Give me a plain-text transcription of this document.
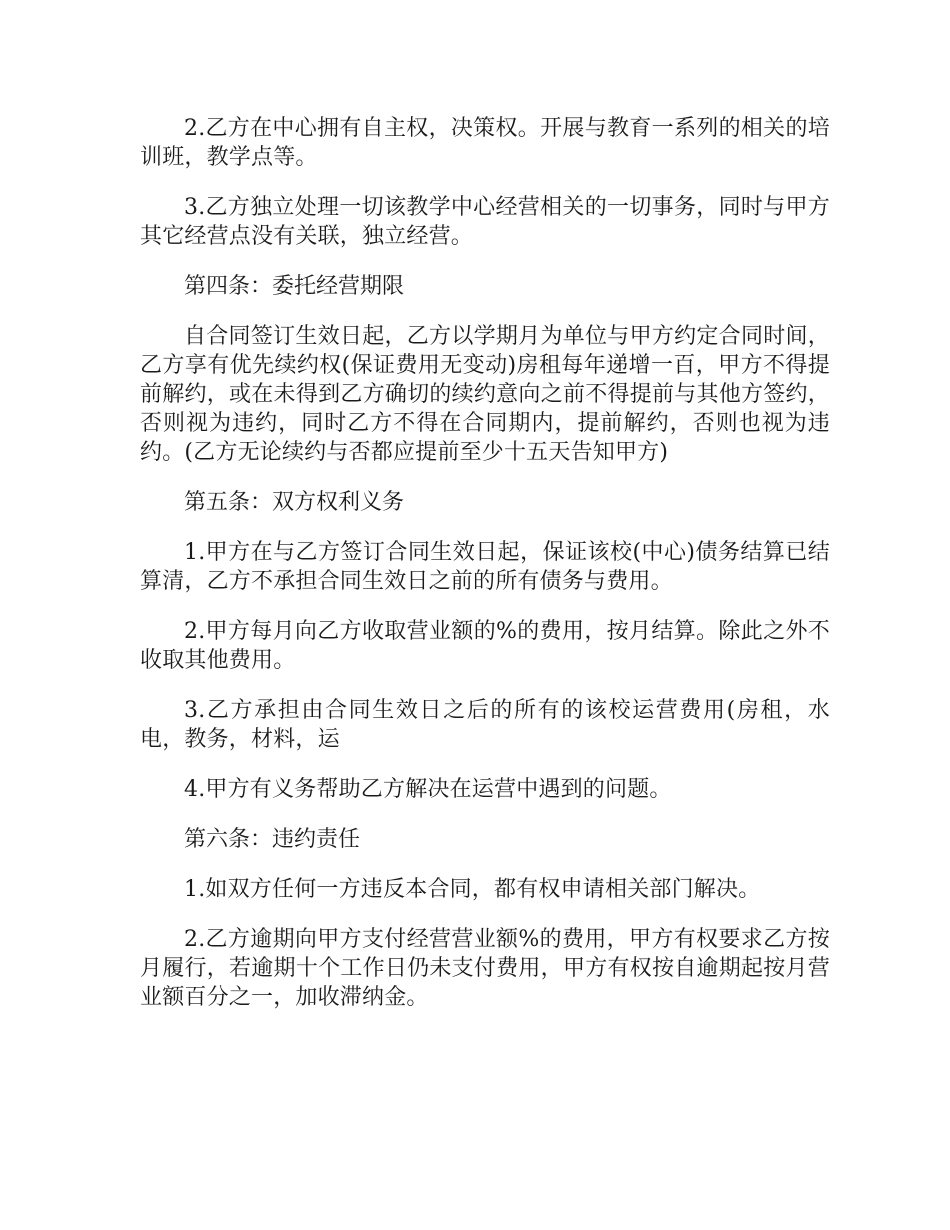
2.乙方在中心拥有自主权，决策权。开展与教育一系列的相关的培训班，教学点等。

3.乙方独立处理一切该教学中心经营相关的一切事务，同时与甲方其它经营点没有关联，独立经营。

第四条：委托经营期限

自合同签订生效日起，乙方以学期月为单位与甲方约定合同时间，乙方享有优先续约权(保证费用无变动)房租每年递增一百，甲方不得提前解约，或在未得到乙方确切的续约意向之前不得提前与其他方签约，否则视为违约，同时乙方不得在合同期内，提前解约，否则也视为违约。(乙方无论续约与否都应提前至少十五天告知甲方)

第五条：双方权利义务

1.甲方在与乙方签订合同生效日起，保证该校(中心)债务结算已结算清，乙方不承担合同生效日之前的所有债务与费用。

2.甲方每月向乙方收取营业额的%的费用，按月结算。除此之外不收取其他费用。

3.乙方承担由合同生效日之后的所有的该校运营费用(房租，水电，教务，材料，运

4.甲方有义务帮助乙方解决在运营中遇到的问题。

第六条：违约责任

1.如双方任何一方违反本合同，都有权申请相关部门解决。

2.乙方逾期向甲方支付经营营业额%的费用，甲方有权要求乙方按月履行，若逾期十个工作日仍未支付费用，甲方有权按自逾期起按月营业额百分之一，加收滞纳金。
